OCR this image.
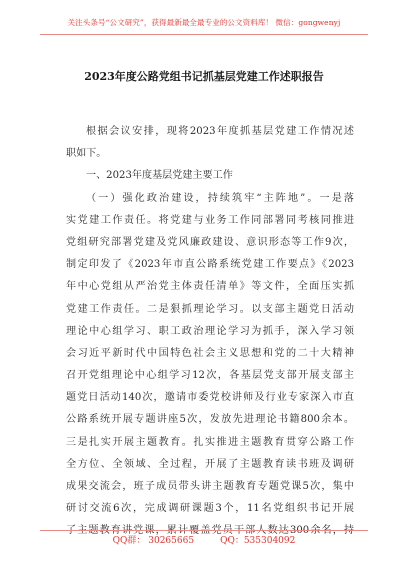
关注头条号“公文研究”，获得最新最全最专业的公文资料库！ 微信：gongwenyj
2023年度公路党组书记抓基层党建工作述职报告
根据会议安排，现将2023年度抓基层党建工作情况述
职如下。
一、2023年度基层党建主要工作
（一）强化政治建设，持续筑牢“主阵地”。一是落
实党建工作责任。将党建与业务工作同部署同考核同推进
党组研究部署党建及党风廉政建设、意识形态等工作9次，
制定印发了《2023年市直公路系统党建工作要点》《2023
年中心党组从严治党主体责任清单》等文件，全面压实抓
党建工作责任。二是狠抓理论学习。以支部主题党日活动
理论中心组学习、职工政治理论学习为抓手，深入学习领
会习近平新时代中国特色社会主义思想和党的二十大精神
召开党组理论中心组学习12次，各基层党支部开展支部主
题党日活动140次，邀请市委党校讲师及行业专家深入市直
公路系统开展专题讲座5次，发放先进理论书籍800余本。
三是扎实开展主题教育。扎实推进主题教育贯穿公路工作
全方位、全领域、全过程，开展了主题教育读书班及调研
成果交流会，班子成员带头讲主题教育专题党课5次，集中
研讨交流6次，完成调研课题3个，11名党组织书记开展
了主题教育讲党课，累计覆盖党员干部人数达300余名，持
QQ群： 30265665	QQ：535304092
